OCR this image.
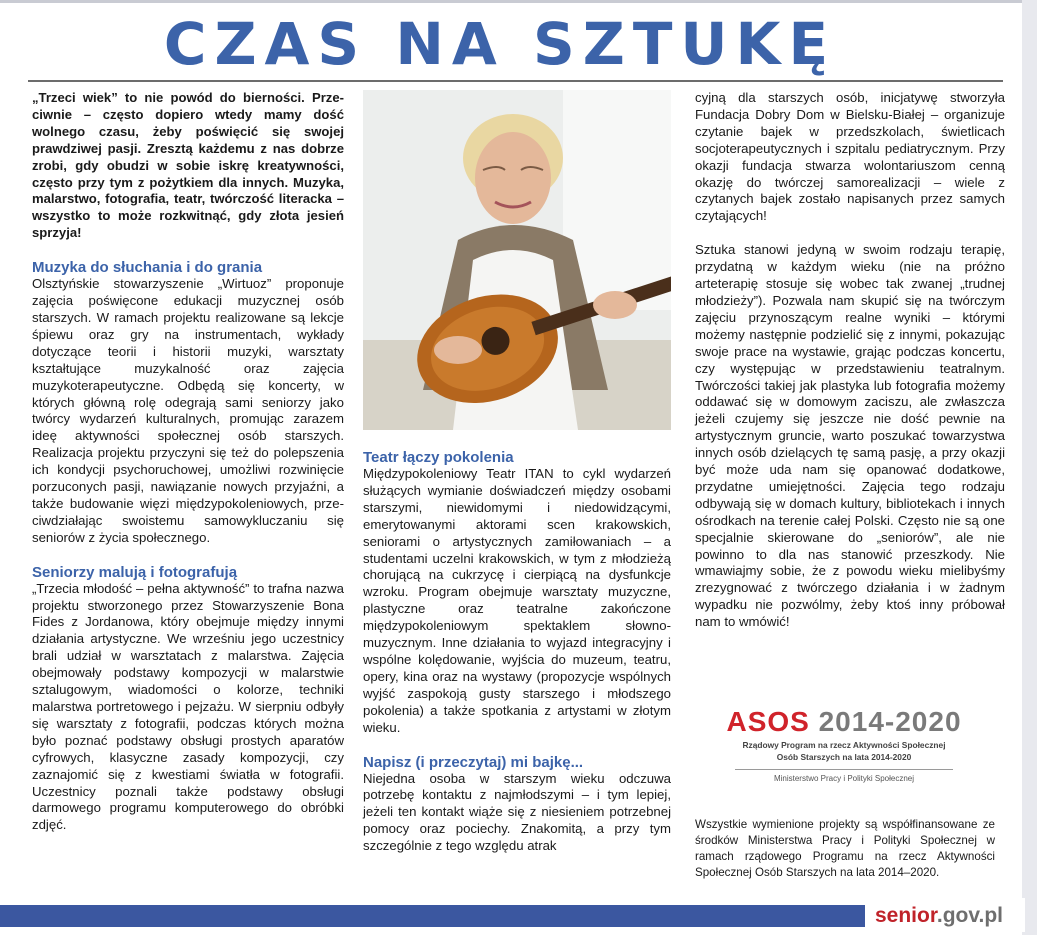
CZAS NA SZTUKĘ

„Trzeci wiek” to nie powód do bierności. Przeciwnie – często dopiero wtedy mamy dość wolnego czasu, żeby poświęcić się swojej prawdziwej pasji. Zresztą każdemu z nas dobrze zrobi, gdy obudzi w sobie iskrę kreatywności, często przy tym z pożytkiem dla innych. Muzyka, malarstwo, fotografia, teatr, twórczość literacka – wszystko to może rozkwitnąć, gdy złota jesień sprzyja!

Muzyka do słuchania i do grania

Olsztyńskie stowarzyszenie „Wirtuoz” proponuje zajęcia poświęcone edukacji muzycznej osób starszych. W ramach projektu realizowane są lekcje śpiewu oraz gry na instrumentach, wykłady dotyczące teorii i historii muzyki, warsztaty kształtujące muzykalność oraz zajęcia muzykoterapeutyczne. Odbędą się koncerty, w których główną rolę odegrają sami seniorzy jako twórcy wydarzeń kulturalnych, promując zarazem ideę aktywności społecznej osób starszych. Realizacja projektu przyczyni się też do polepszenia ich kondycji psychoruchowej, umożliwi rozwinięcie porzuconych pasji, nawiązanie nowych przyjaźni, a także budowanie więzi międzypokoleniowych, przeciwdziałając swoistemu samowykluczaniu się seniorów z życia społecznego.

Seniorzy malują i fotografują

„Trzecia młodość – pełna aktywność” to trafna nazwa projektu stworzonego przez Stowarzyszenie Bona Fides z Jordanowa, który obejmuje między innymi działania artystyczne. We wrześniu jego uczestnicy brali udział w warsztatach z malarstwa. Zajęcia obejmowały podstawy kompozycji w malarstwie sztalugowym, wiadomości o kolorze, techniki malarstwa portretowego i pejzażu. W sierpniu odbyły się warsztaty z fotografii, podczas których można było poznać podstawy obsługi prostych aparatów cyfrowych, klasyczne zasady kompozycji, czy zaznajomić się z kwestiami światła w fotografii. Uczestnicy poznali także podstawy obsługi darmowego programu komputerowego do obróbki zdjęć.

Teatr łączy pokolenia

Międzypokoleniowy Teatr ITAN to cykl wydarzeń służących wymianie doświadczeń między osobami starszymi, niewidomymi i niedowidzącymi, emerytowanymi aktorami scen krakowskich, seniorami o artystycznych zamiłowaniach – a studentami uczelni krakowskich, w tym z młodzieżą chorującą na cukrzycę i cierpiącą na dysfunkcje wzroku. Program obejmuje warsztaty muzyczne, plastyczne oraz teatralne zakończone międzypokoleniowym spektaklem słowno-muzycznym. Inne działania to wyjazd integracyjny i wspólne kolędowanie, wyjścia do muzeum, teatru, opery, kina oraz na wystawy (propozycje wspólnych wyjść zaspokoją gusty starszego i młodszego pokolenia) a także spotkania z artystami w złotym wieku.

Napisz (i przeczytaj) mi bajkę...

Niejedna osoba w starszym wieku odczuwa potrzebę kontaktu z najmłodszymi – i tym lepiej, jeżeli ten kontakt wiąże się z niesieniem potrzebnej pomocy oraz pociechy. Znakomitą, a przy tym szczególnie z tego względu atrak

cyjną dla starszych osób, inicjatywę stworzyła Fundacja Dobry Dom w Bielsku-Białej – organizuje czytanie bajek w przedszkolach, świetlicach socjoterapeutycznych i szpitalu pediatrycznym. Przy okazji fundacja stwarza wolontariuszom cenną okazję do twórczej samorealizacji – wiele z czytanych bajek zostało napisanych przez samych czytających!

Sztuka stanowi jedyną w swoim rodzaju terapię, przydatną w każdym wieku (nie na próżno arteterapię stosuje się wobec tak zwanej „trudnej młodzieży”). Pozwala nam skupić się na twórczym zajęciu przynoszącym realne wyniki – którymi możemy następnie podzielić się z innymi, pokazując swoje prace na wystawie, grając podczas koncertu, czy występując w przedstawieniu teatralnym. Twórczości takiej jak plastyka lub fotografia możemy oddawać się w domowym zaciszu, ale zwłaszcza jeżeli czujemy się jeszcze nie dość pewnie na artystycznym gruncie, warto poszukać towarzystwa innych osób dzielących tę samą pasję, a przy okazji być może uda nam się opanować dodatkowe, przydatne umiejętności. Zajęcia tego rodzaju odbywają się w domach kultury, bibliotekach i innych ośrodkach na terenie całej Polski. Często nie są one specjalnie skierowane do „seniorów”, ale nie powinno to dla nas stanowić przeszkody. Nie wmawiajmy sobie, że z powodu wieku mielibyśmy zrezygnować z twórczego działania i w żadnym wypadku nie pozwólmy, żeby ktoś inny próbował nam to wmówić!

ASOS 2014-2020
Rządowy Program na rzecz Aktywności Społecznej
Osób Starszych na lata 2014-2020
Ministerstwo Pracy i Polityki Społecznej
Wszystkie wymienione projekty są współfinansowane ze środków Ministerstwa Pracy i Polityki Społecznej w ramach rządowego Programu na rzecz Aktywności Społecznej Osób Starszych na lata 2014–2020.
senior.gov.pl
